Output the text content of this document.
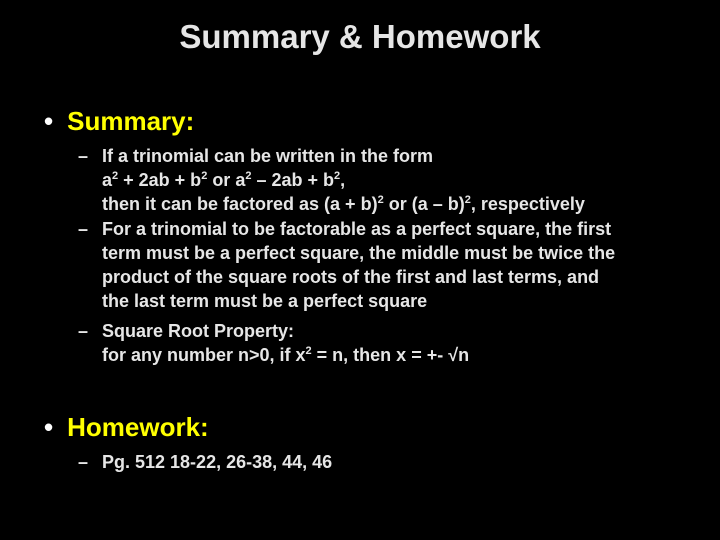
Summary & Homework
• Summary:
– If a trinomial can be written in the form
$a^2 + 2ab + b^2$ or $a^2 - 2ab + b^2$,
then it can be factored as $(a + b)^2$ or (a – b)$^2$, respectively
– For a trinomial to be factorable as a perfect square, the first
term must be a perfect square, the middle must be twice the
product of the square roots of the first and last terms, and
the last term must be a perfect square
– Square Root Property:
for any number n>0, if $x^2 = n$, then x = +- √n
• Homework:
– Pg. 512 18-22, 26-38, 44, 46
